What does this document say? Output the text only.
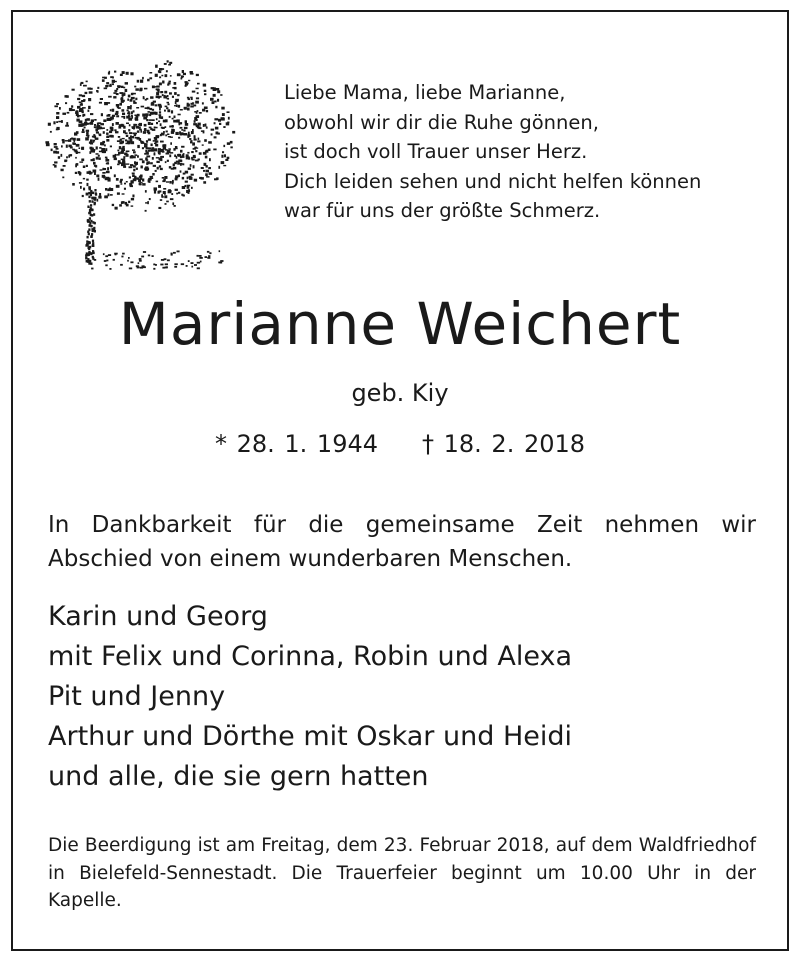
Liebe Mama, liebe Marianne,
obwohl wir dir die Ruhe gönnen,
ist doch voll Trauer unser Herz.
Dich leiden sehen und nicht helfen können
war für uns der größte Schmerz.
Marianne Weichert
geb. Kiy
* 28. 1. 1944 † 18. 2. 2018
In Dankbarkeit für die gemeinsame Zeit nehmen wir Abschied von einem wunderbaren Menschen.
Karin und Georg
mit Felix und Corinna, Robin und Alexa
Pit und Jenny
Arthur und Dörthe mit Oskar und Heidi
und alle, die sie gern hatten
Die Beerdigung ist am Freitag, dem 23. Februar 2018, auf dem Waldfriedhof in Bielefeld-Sennestadt. Die Trauerfeier beginnt um 10.00 Uhr in der Kapelle.
